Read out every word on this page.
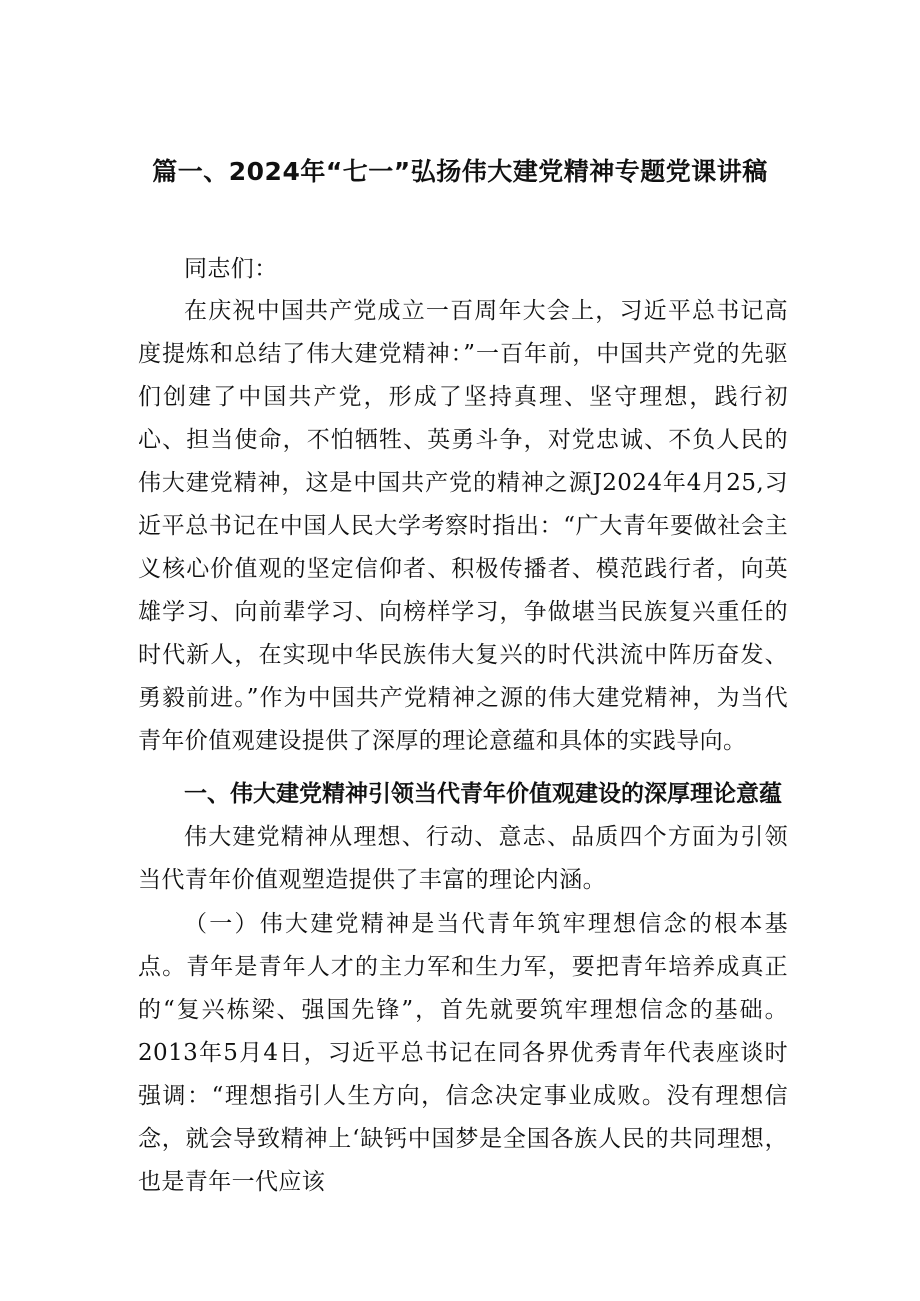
篇一、2024年“七一”弘扬伟大建党精神专题党课讲稿

同志们：

在庆祝中国共产党成立一百周年大会上，习近平总书记高度提炼和总结了伟大建党精神：”一百年前，中国共产党的先驱们创建了中国共产党，形成了坚持真理、坚守理想，践行初心、担当使命，不怕牺牲、英勇斗争，对党忠诚、不负人民的伟大建党精神，这是中国共产党的精神之源J2024年4月25,习近平总书记在中国人民大学考察时指出：“广大青年要做社会主义核心价值观的坚定信仰者、积极传播者、模范践行者，向英雄学习、向前辈学习、向榜样学习，争做堪当民族复兴重任的时代新人，在实现中华民族伟大复兴的时代洪流中阵历奋发、勇毅前进。”作为中国共产党精神之源的伟大建党精神，为当代青年价值观建设提供了深厚的理论意蕴和具体的实践导向。

一、伟大建党精神引领当代青年价值观建设的深厚理论意蕴

伟大建党精神从理想、行动、意志、品质四个方面为引领当代青年价值观塑造提供了丰富的理论内涵。

（一）伟大建党精神是当代青年筑牢理想信念的根本基点。青年是青年人才的主力军和生力军，要把青年培养成真正的“复兴栋梁、强国先锋”，首先就要筑牢理想信念的基础。2013年5月4日，习近平总书记在同各界优秀青年代表座谈时强调：“理想指引人生方向，信念决定事业成败。没有理想信念，就会导致精神上‘缺钙中国梦是全国各族人民的共同理想，也是青年一代应该
